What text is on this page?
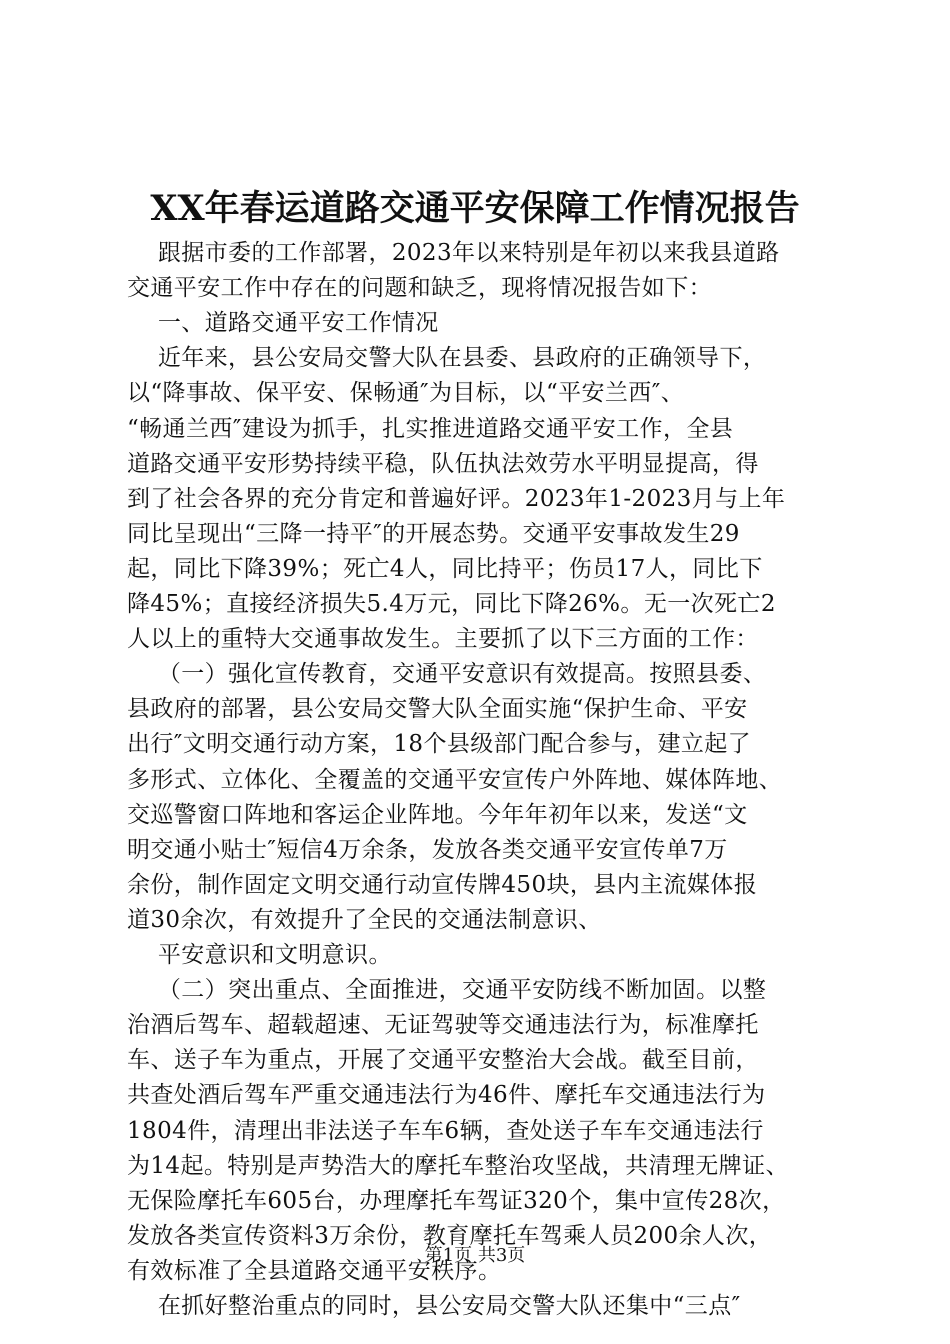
XX年春运道路交通平安保障工作情况报告
跟据市委的工作部署，2023年以来特别是年初以来我县道路
交通平安工作中存在的问题和缺乏，现将情况报告如下：
一、道路交通平安工作情况
近年来，县公安局交警大队在县委、县政府的正确领导下，
以“降事故、保平安、保畅通″为目标，以“平安兰西″、
“畅通兰西″建设为抓手，扎实推进道路交通平安工作，全县
道路交通平安形势持续平稳，队伍执法效劳水平明显提高，得
到了社会各界的充分肯定和普遍好评。2023年1-2023月与上年
同比呈现出“三降一持平″的开展态势。交通平安事故发生29
起，同比下降39%；死亡4人，同比持平；伤员17人，同比下
降45%；直接经济损失5.4万元，同比下降26%。无一次死亡2
人以上的重特大交通事故发生。主要抓了以下三方面的工作：
（一）强化宣传教育，交通平安意识有效提高。按照县委、
县政府的部署，县公安局交警大队全面实施“保护生命、平安
出行″文明交通行动方案，18个县级部门配合参与，建立起了
多形式、立体化、全覆盖的交通平安宣传户外阵地、媒体阵地、
交巡警窗口阵地和客运企业阵地。今年年初年以来，发送“文
明交通小贴士″短信4万余条，发放各类交通平安宣传单7万
余份，制作固定文明交通行动宣传牌450块，县内主流媒体报
道30余次，有效提升了全民的交通法制意识、
平安意识和文明意识。
（二）突出重点、全面推进，交通平安防线不断加固。以整
治酒后驾车、超载超速、无证驾驶等交通违法行为，标准摩托
车、送子车为重点，开展了交通平安整治大会战。截至目前，
共查处酒后驾车严重交通违法行为46件、摩托车交通违法行为
1804件，清理出非法送子车车6辆，查处送子车车交通违法行
为14起。特别是声势浩大的摩托车整治攻坚战，共清理无牌证、
无保险摩托车605台，办理摩托车驾证320个，集中宣传28次，
发放各类宣传资料3万余份，教育摩托车驾乘人员200余人次，
有效标准了全县道路交通平安秩序。
在抓好整治重点的同时，县公安局交警大队还集中“三点″
第1页 共3页
